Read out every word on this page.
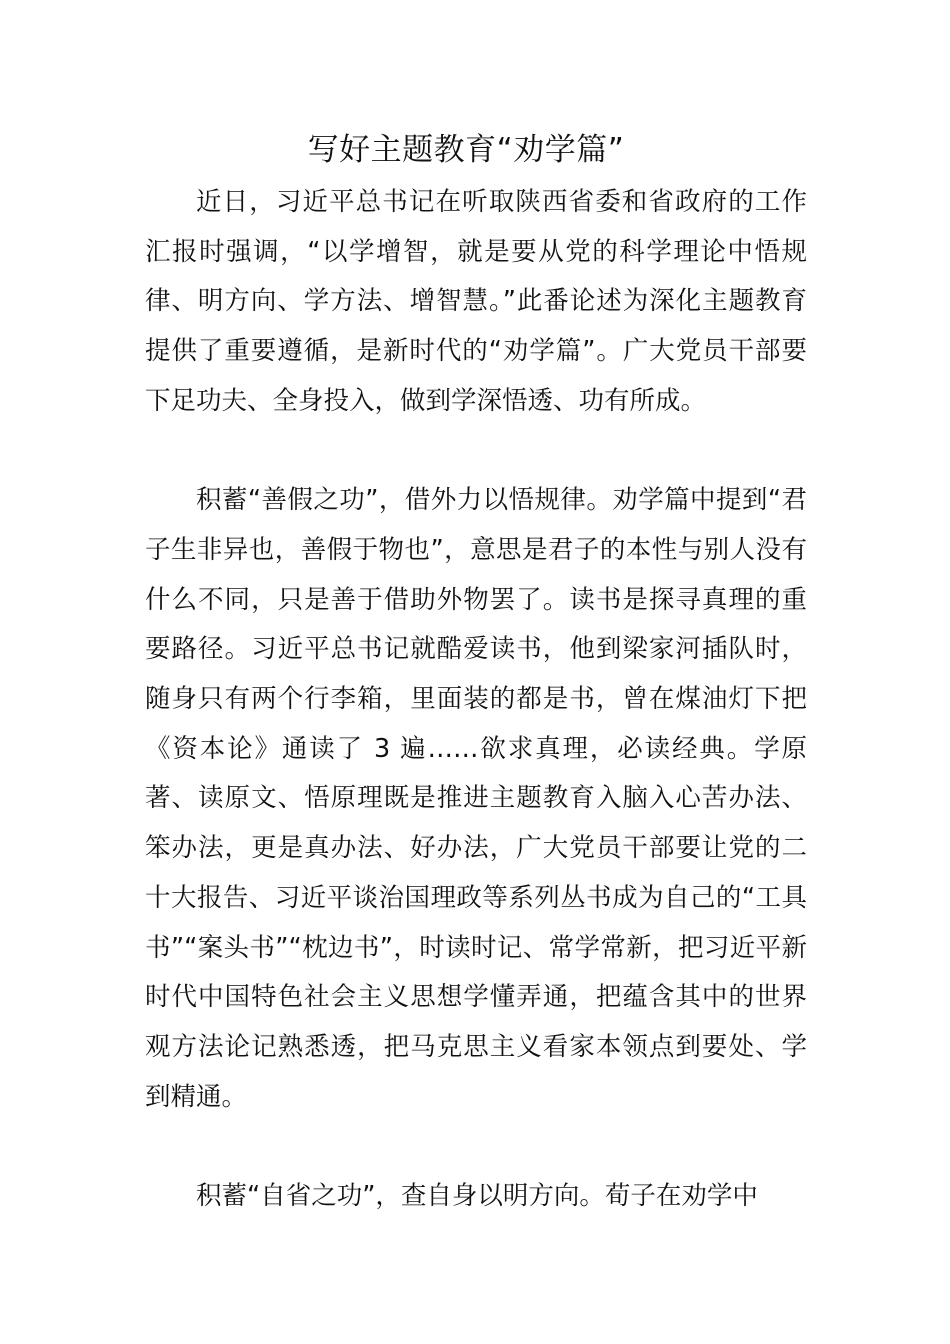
写好主题教育“劝学篇”

近日，习近平总书记在听取陕西省委和省政府的工作汇报时强调，“以学增智，就是要从党的科学理论中悟规律、明方向、学方法、增智慧。”此番论述为深化主题教育提供了重要遵循，是新时代的“劝学篇”。广大党员干部要下足功夫、全身投入，做到学深悟透、功有所成。

积蓄“善假之功”，借外力以悟规律。劝学篇中提到“君子生非异也，善假于物也”，意思是君子的本性与别人没有什么不同，只是善于借助外物罢了。读书是探寻真理的重要路径。习近平总书记就酷爱读书，他到梁家河插队时，随身只有两个行李箱，里面装的都是书，曾在煤油灯下把《资本论》通读了 3 遍……欲求真理，必读经典。学原著、读原文、悟原理既是推进主题教育入脑入心苦办法、笨办法，更是真办法、好办法，广大党员干部要让党的二十大报告、习近平谈治国理政等系列丛书成为自己的“工具书”“案头书”“枕边书”，时读时记、常学常新，把习近平新时代中国特色社会主义思想学懂弄通，把蕴含其中的世界观方法论记熟悉透，把马克思主义看家本领点到要处、学到精通。

积蓄“自省之功”，查自身以明方向。荀子在劝学中
